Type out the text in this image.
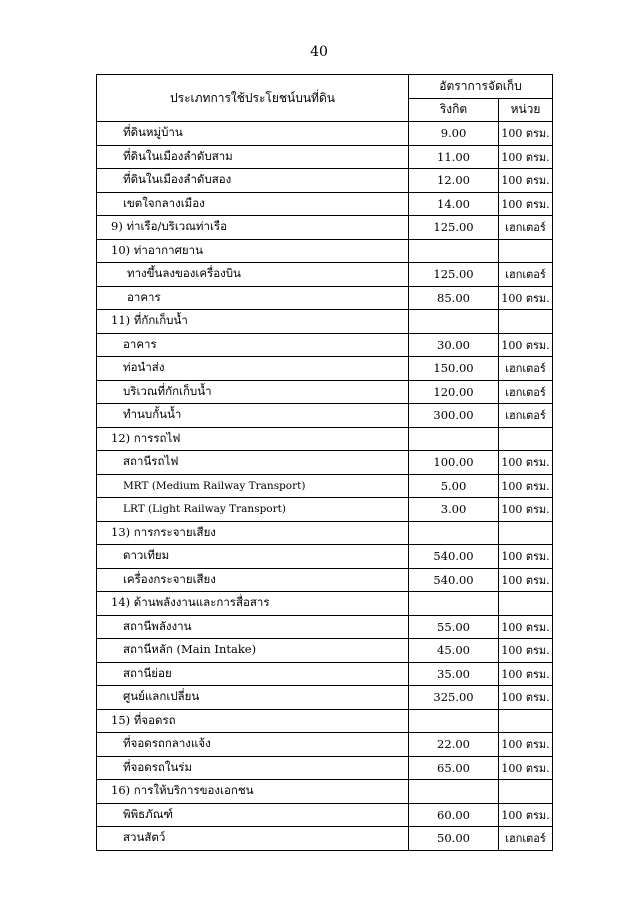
40
ประเภทการใช้ประโยชน์บนที่ดิน	อัตราการจัดเก็บ	
	ริงกิต	หน่วย
ที่ดินหมู่บ้าน	9.00	100 ตรม.
ที่ดินในเมืองลำดับสาม	11.00	100 ตรม.
ที่ดินในเมืองลำดับสอง	12.00	100 ตรม.
เขตใจกลางเมือง	14.00	100 ตรม.
9) ท่าเรือ/บริเวณท่าเรือ	125.00	เฮกเตอร์
10) ท่าอากาศยาน		
ทางขึ้นลงของเครื่องบิน	125.00	เฮกเตอร์
อาคาร	85.00	100 ตรม.
11) ที่กักเก็บน้ำ		
อาคาร	30.00	100 ตรม.
ท่อนำส่ง	150.00	เฮกเตอร์
บริเวณที่กักเก็บน้ำ	120.00	เฮกเตอร์
ทำนบกั้นน้ำ	300.00	เฮกเตอร์
12) การรถไฟ		
สถานีรถไฟ	100.00	100 ตรม.
MRT (Medium Railway Transport)	5.00	100 ตรม.
LRT (Light Railway Transport)	3.00	100 ตรม.
13) การกระจายเสียง		
ดาวเทียม	540.00	100 ตรม.
เครื่องกระจายเสียง	540.00	100 ตรม.
14) ด้านพลังงานและการสื่อสาร		
สถานีพลังงาน	55.00	100 ตรม.
สถานีหลัก (Main Intake)	45.00	100 ตรม.
สถานีย่อย	35.00	100 ตรม.
ศูนย์แลกเปลี่ยน	325.00	100 ตรม.
15) ที่จอดรถ		
ที่จอดรถกลางแจ้ง	22.00	100 ตรม.
ที่จอดรถในร่ม	65.00	100 ตรม.
16) การให้บริการของเอกชน		
พิพิธภัณฑ์	60.00	100 ตรม.
สวนสัตว์	50.00	เฮกเตอร์
